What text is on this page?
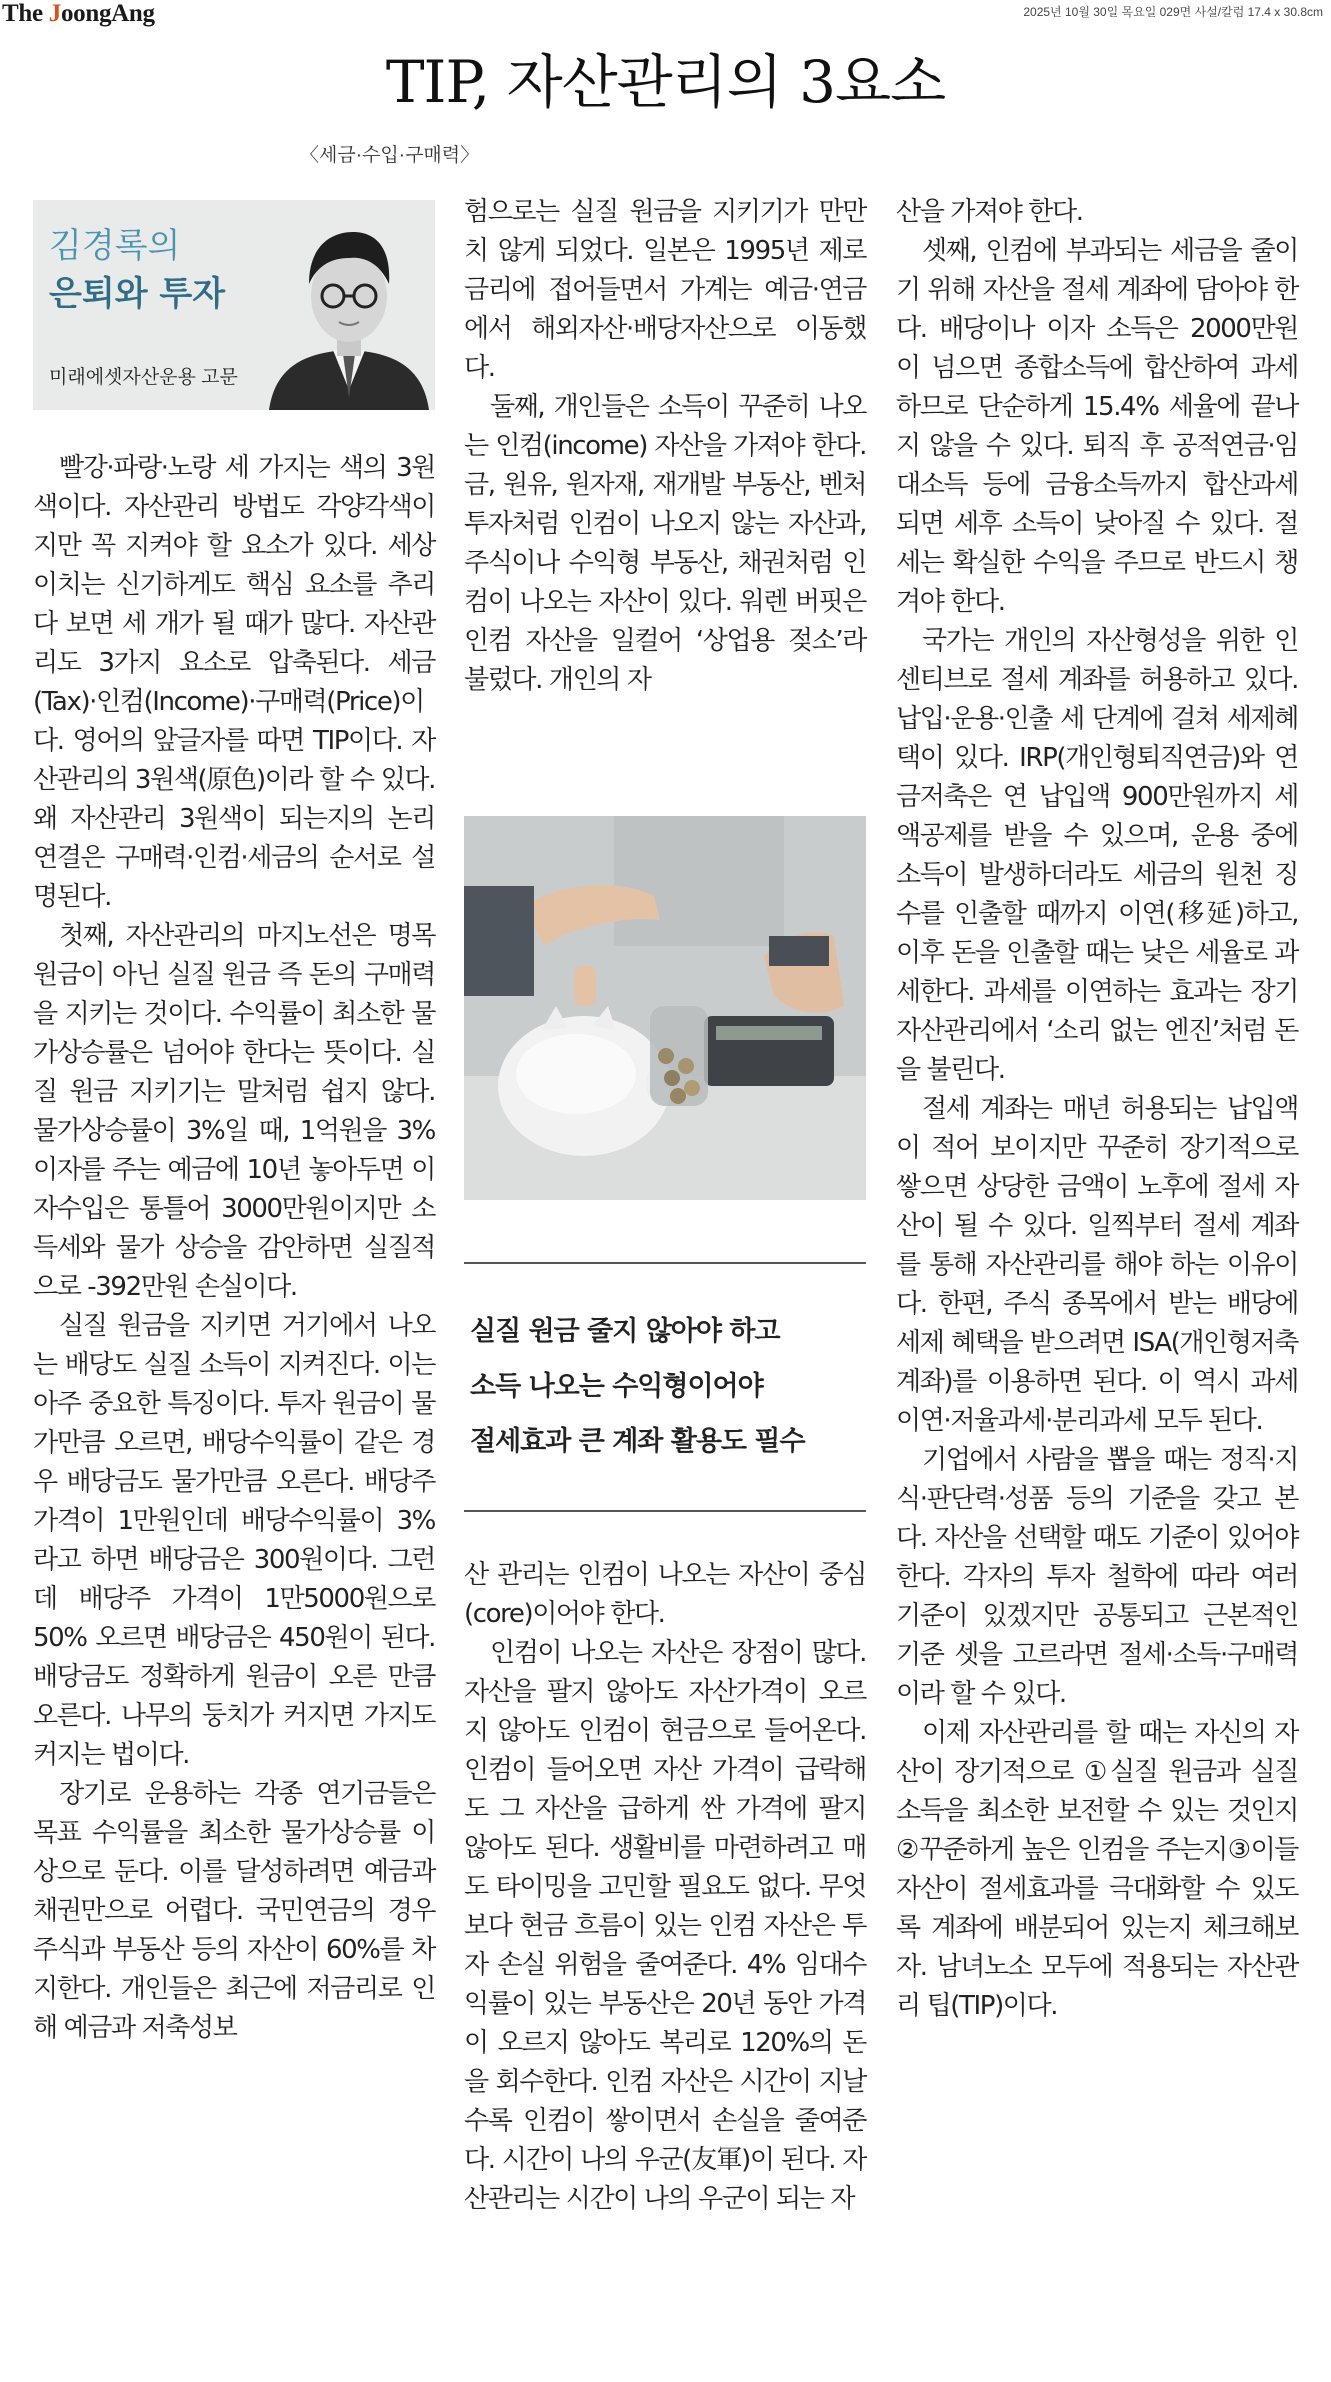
The JoongAng	2025년 10월 30일 목요일 029면 사설/칼럼 17.4 x 30.8cm
TIP, 자산관리의 3요소
〈세금·수입·구매력〉
김경록의
은퇴와 투자
미래에셋자산운용 고문

빨강·파랑·노랑 세 가지는 색의 3원색이다. 자산관리 방법도 각양각색이지만 꼭 지켜야 할 요소가 있다. 세상 이치는 신기하게도 핵심 요소를 추리다 보면 세 개가 될 때가 많다. 자산관리도 3가지 요소로 압축된다. 세금(Tax)·인컴(Income)·구매력(Price)이다. 영어의 앞글자를 따면 TIP이다. 자산관리의 3원색(原色)이라 할 수 있다. 왜 자산관리 3원색이 되는지의 논리 연결은 구매력·인컴·세금의 순서로 설명된다.

첫째, 자산관리의 마지노선은 명목 원금이 아닌 실질 원금 즉 돈의 구매력을 지키는 것이다. 수익률이 최소한 물가상승률은 넘어야 한다는 뜻이다. 실질 원금 지키기는 말처럼 쉽지 않다. 물가상승률이 3%일 때, 1억원을 3% 이자를 주는 예금에 10년 놓아두면 이자수입은 통틀어 3000만원이지만 소득세와 물가 상승을 감안하면 실질적으로 -392만원 손실이다.

실질 원금을 지키면 거기에서 나오는 배당도 실질 소득이 지켜진다. 이는 아주 중요한 특징이다. 투자 원금이 물가만큼 오르면, 배당수익률이 같은 경우 배당금도 물가만큼 오른다. 배당주 가격이 1만원인데 배당수익률이 3%라고 하면 배당금은 300원이다. 그런데 배당주 가격이 1만5000원으로 50% 오르면 배당금은 450원이 된다. 배당금도 정확하게 원금이 오른 만큼 오른다. 나무의 둥치가 커지면 가지도 커지는 법이다.

장기로 운용하는 각종 연기금들은 목표 수익률을 최소한 물가상승률 이상으로 둔다. 이를 달성하려면 예금과 채권만으로 어렵다. 국민연금의 경우 주식과 부동산 등의 자산이 60%를 차지한다. 개인들은 최근에 저금리로 인해 예금과 저축성보

험으로는 실질 원금을 지키기가 만만치 않게 되었다. 일본은 1995년 제로 금리에 접어들면서 가계는 예금·연금에서 해외자산·배당자산으로 이동했다.

둘째, 개인들은 소득이 꾸준히 나오는 인컴(income) 자산을 가져야 한다. 금, 원유, 원자재, 재개발 부동산, 벤처 투자처럼 인컴이 나오지 않는 자산과, 주식이나 수익형 부동산, 채권처럼 인컴이 나오는 자산이 있다. 워렌 버핏은 인컴 자산을 일컬어 ‘상업용 젖소’라 불렀다. 개인의 자

실질 원금 줄지 않아야 하고
소득 나오는 수익형이어야
절세효과 큰 계좌 활용도 필수

산 관리는 인컴이 나오는 자산이 중심(core)이어야 한다.

인컴이 나오는 자산은 장점이 많다. 자산을 팔지 않아도 자산가격이 오르지 않아도 인컴이 현금으로 들어온다. 인컴이 들어오면 자산 가격이 급락해도 그 자산을 급하게 싼 가격에 팔지 않아도 된다. 생활비를 마련하려고 매도 타이밍을 고민할 필요도 없다. 무엇보다 현금 흐름이 있는 인컴 자산은 투자 손실 위험을 줄여준다. 4% 임대수익률이 있는 부동산은 20년 동안 가격이 오르지 않아도 복리로 120%의 돈을 회수한다. 인컴 자산은 시간이 지날수록 인컴이 쌓이면서 손실을 줄여준다. 시간이 나의 우군(友軍)이 된다. 자산관리는 시간이 나의 우군이 되는 자

산을 가져야 한다.

셋째, 인컴에 부과되는 세금을 줄이기 위해 자산을 절세 계좌에 담아야 한다. 배당이나 이자 소득은 2000만원이 넘으면 종합소득에 합산하여 과세하므로 단순하게 15.4% 세율에 끝나지 않을 수 있다. 퇴직 후 공적연금·임대소득 등에 금융소득까지 합산과세 되면 세후 소득이 낮아질 수 있다. 절세는 확실한 수익을 주므로 반드시 챙겨야 한다.

국가는 개인의 자산형성을 위한 인센티브로 절세 계좌를 허용하고 있다. 납입·운용·인출 세 단계에 걸쳐 세제혜택이 있다. IRP(개인형퇴직연금)와 연금저축은 연 납입액 900만원까지 세액공제를 받을 수 있으며, 운용 중에 소득이 발생하더라도 세금의 원천 징수를 인출할 때까지 이연(移延)하고, 이후 돈을 인출할 때는 낮은 세율로 과세한다. 과세를 이연하는 효과는 장기 자산관리에서 ‘소리 없는 엔진’처럼 돈을 불린다.

절세 계좌는 매년 허용되는 납입액이 적어 보이지만 꾸준히 장기적으로 쌓으면 상당한 금액이 노후에 절세 자산이 될 수 있다. 일찍부터 절세 계좌를 통해 자산관리를 해야 하는 이유이다. 한편, 주식 종목에서 받는 배당에 세제 혜택을 받으려면 ISA(개인형저축계좌)를 이용하면 된다. 이 역시 과세이연·저율과세·분리과세 모두 된다.

기업에서 사람을 뽑을 때는 정직·지식·판단력·성품 등의 기준을 갖고 본다. 자산을 선택할 때도 기준이 있어야 한다. 각자의 투자 철학에 따라 여러 기준이 있겠지만 공통되고 근본적인 기준 셋을 고르라면 절세·소득·구매력이라 할 수 있다.

이제 자산관리를 할 때는 자신의 자산이 장기적으로 ①실질 원금과 실질 소득을 최소한 보전할 수 있는 것인지②꾸준하게 높은 인컴을 주는지③이들 자산이 절세효과를 극대화할 수 있도록 계좌에 배분되어 있는지 체크해보자. 남녀노소 모두에 적용되는 자산관리 팁(TIP)이다.
